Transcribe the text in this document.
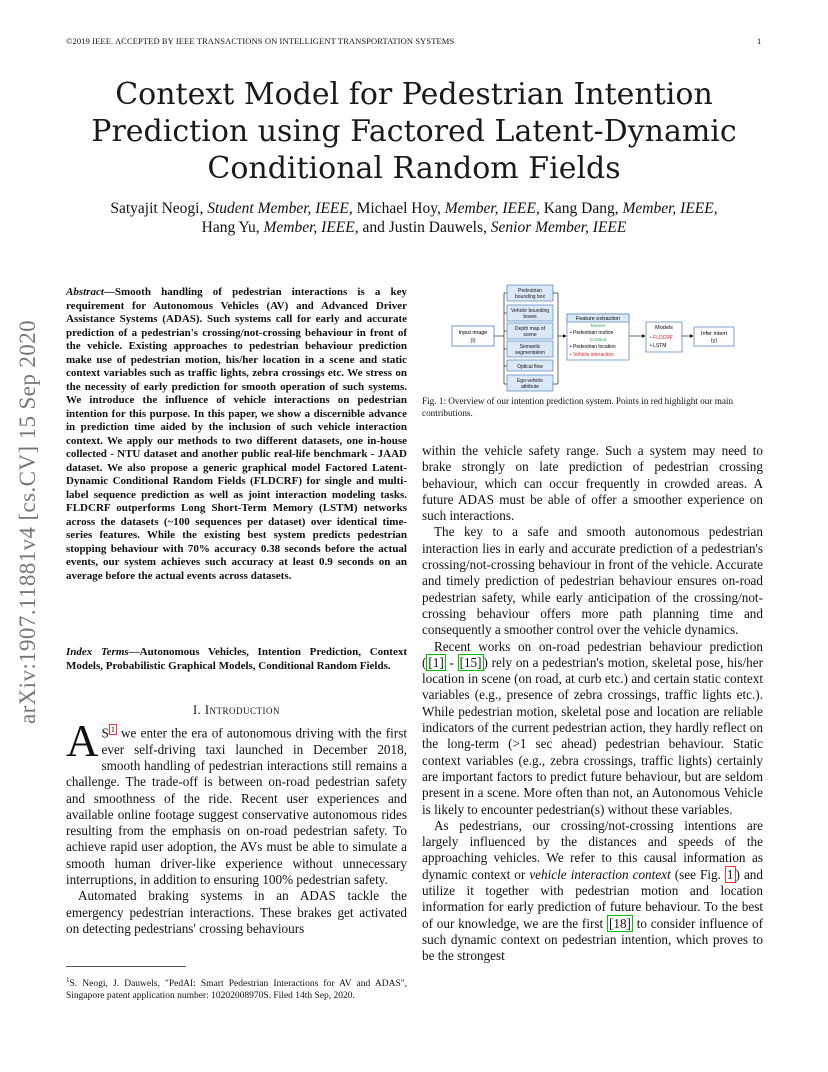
©2019 IEEE. ACCEPTED BY IEEE TRANSACTIONS ON INTELLIGENT TRANSPORTATION SYSTEMS	1
Context Model for Pedestrian Intention
Prediction using Factored Latent-Dynamic
Conditional Random Fields
Satyajit Neogi, Student Member, IEEE, Michael Hoy, Member, IEEE, Kang Dang, Member, IEEE,
Hang Yu, Member, IEEE, and Justin Dauwels, Senior Member, IEEE
arXiv:1907.11881v4 [cs.CV] 15 Sep 2020
Abstract—Smooth handling of pedestrian interactions is a key requirement for Autonomous Vehicles (AV) and Advanced Driver Assistance Systems (ADAS). Such systems call for early and accurate prediction of a pedestrian's crossing/not-crossing behaviour in front of the vehicle. Existing approaches to pedestrian behaviour prediction make use of pedestrian motion, his/her location in a scene and static context variables such as traffic lights, zebra crossings etc. We stress on the necessity of early prediction for smooth operation of such systems. We introduce the influence of vehicle interactions on pedestrian intention for this purpose. In this paper, we show a discernible advance in prediction time aided by the inclusion of such vehicle interaction context. We apply our methods to two different datasets, one in-house collected - NTU dataset and another public real-life benchmark - JAAD dataset. We also propose a generic graphical model Factored Latent-Dynamic Conditional Random Fields (FLDCRF) for single and multi-label sequence prediction as well as joint interaction modeling tasks. FLDCRF outperforms Long Short-Term Memory (LSTM) networks across the datasets (~100 sequences per dataset) over identical time-series features. While the existing best system predicts pedestrian stopping behaviour with 70% accuracy 0.38 seconds before the actual events, our system achieves such accuracy at least 0.9 seconds on an average before the actual events across datasets.
Index Terms—Autonomous Vehicles, Intention Prediction, Context Models, Probabilistic Graphical Models, Conditional Random Fields.
I. Introduction

A S $^1$ we enter the era of autonomous driving with the first ever self-driving taxi launched in December 2018, smooth handling of pedestrian interactions still remains a challenge. The trade-off is between on-road pedestrian safety and smoothness of the ride. Recent user experiences and available online footage suggest conservative autonomous rides resulting from the emphasis on on-road pedestrian safety. To achieve rapid user adoption, the AVs must be able to simulate a smooth human driver-like experience without unnecessary interruptions, in addition to ensuring 100% pedestrian safety.

Automated braking systems in an ADAS tackle the emergency pedestrian interactions. These brakes get activated on detecting pedestrians' crossing behaviours

$^1$S. Neogi, J. Dauwels, "PedAI: Smart Pedestrian Interactions for AV and ADAS", Singapore patent application number: 10202008970S. Filed 14th Sep, 2020.
Input image
(I)
Pedestrian
bounding box
Vehicle bounding
boxes
Depth map of
scene
Semantic
segmentation
Optical flow
Ego-vehicle
attribute
Feature extraction
Motion
• Pedestrian motion
Context
• Pedestrian location
• Vehicle interaction
Models
• FLDCRF
• LSTM
Infer intent
(y)
Fig. 1: Overview of our intention prediction system. Points in red highlight our main contributions.

within the vehicle safety range. Such a system may need to brake strongly on late prediction of pedestrian crossing behaviour, which can occur frequently in crowded areas. A future ADAS must be able of offer a smoother experience on such interactions.

The key to a safe and smooth autonomous pedestrian interaction lies in early and accurate prediction of a pedestrian's crossing/not-crossing behaviour in front of the vehicle. Accurate and timely prediction of pedestrian behaviour ensures on-road pedestrian safety, while early anticipation of the crossing/not-crossing behaviour offers more path planning time and consequently a smoother control over the vehicle dynamics.

Recent works on on-road pedestrian behaviour prediction ( [1] - [15] ) rely on a pedestrian's motion, skeletal pose, his/her location in scene (on road, at curb etc.) and certain static context variables (e.g., presence of zebra crossings, traffic lights etc.). While pedestrian motion, skeletal pose and location are reliable indicators of the current pedestrian action, they hardly reflect on the long-term (>1 sec ahead) pedestrian behaviour. Static context variables (e.g., zebra crossings, traffic lights) certainly are important factors to predict future behaviour, but are seldom present in a scene. More often than not, an Autonomous Vehicle is likely to encounter pedestrian(s) without these variables.

As pedestrians, our crossing/not-crossing intentions are largely influenced by the distances and speeds of the approaching vehicles. We refer to this causal information as dynamic context or vehicle interaction context (see Fig. 1 ) and utilize it together with pedestrian motion and location information for early prediction of future behaviour. To the best of our knowledge, we are the first [18] to consider influence of such dynamic context on pedestrian intention, which proves to be the strongest
